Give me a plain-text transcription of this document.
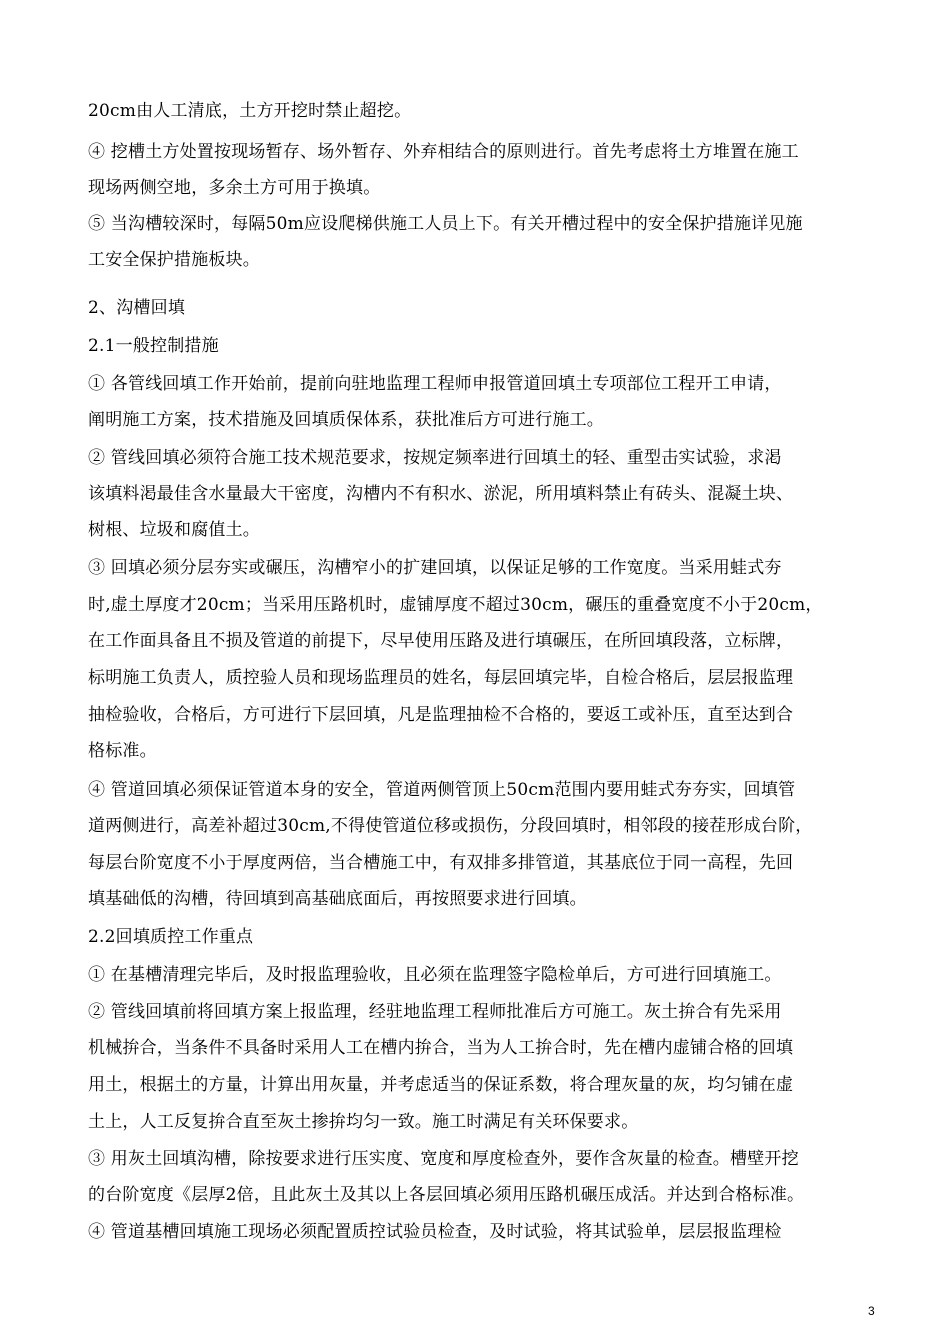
20cm由人工清底，土方开挖时禁止超挖。
④ 挖槽土方处置按现场暂存、场外暂存、外弃相结合的原则进行。首先考虑将土方堆置在施工
现场两侧空地，多余土方可用于换填。
⑤ 当沟槽较深时，每隔50m应设爬梯供施工人员上下。有关开槽过程中的安全保护措施详见施
工安全保护措施板块。
2、沟槽回填
2.1一般控制措施
① 各管线回填工作开始前，提前向驻地监理工程师申报管道回填土专项部位工程开工申请，
阐明施工方案，技术措施及回填质保体系，获批准后方可进行施工。
② 管线回填必须符合施工技术规范要求，按规定频率进行回填土的轻、重型击实试验，求渇
该填料渇最佳含水量最大干密度，沟槽内不有积水、淤泥，所用填料禁止有砖头、混凝土块、
树根、垃圾和腐值土。
③ 回填必须分层夯实或碾压，沟槽窄小的扩建回填，以保证足够的工作宽度。当采用蛙式夯
时,虚土厚度才20cm；当采用压路机时，虚铺厚度不超过30cm，碾压的重叠宽度不小于20cm，
在工作面具备且不损及管道的前提下，尽早使用压路及进行填碾压，在所回填段落，立标牌，
标明施工负责人，质控验人员和现场监理员的姓名，每层回填完毕，自检合格后，层层报监理
抽检验收，合格后，方可进行下层回填，凡是监理抽检不合格的，要返工或补压，直至达到合
格标准。
④ 管道回填必须保证管道本身的安全，管道两侧管顶上50cm范围内要用蛙式夯夯实，回填管
道两侧进行，高差补超过30cm,不得使管道位移或损伤，分段回填时，相邻段的接茬形成台阶，
每层台阶宽度不小于厚度两倍，当合槽施工中，有双排多排管道，其基底位于同一高程，先回
填基础低的沟槽，待回填到高基础底面后，再按照要求进行回填。
2.2回填质控工作重点
① 在基槽清理完毕后，及时报监理验收，且必须在监理签字隐检单后，方可进行回填施工。
② 管线回填前将回填方案上报监理，经驻地监理工程师批准后方可施工。灰土拚合有先采用
机械拚合，当条件不具备时采用人工在槽内拚合，当为人工拚合时，先在槽内虚铺合格的回填
用土，根据土的方量，计算出用灰量，并考虑适当的保证系数，将合理灰量的灰，均匀铺在虚
土上，人工反复拚合直至灰土掺拚均匀一致。施工时满足有关环保要求。
③ 用灰土回填沟槽，除按要求进行压实度、宽度和厚度检查外，要作含灰量的检查。槽壁开挖
的台阶宽度《层厚2倍，且此灰土及其以上各层回填必须用压路机碾压成活。并达到合格标准。
④ 管道基槽回填施工现场必须配置质控试验员检查，及时试验，将其试验单，层层报监理检
3
